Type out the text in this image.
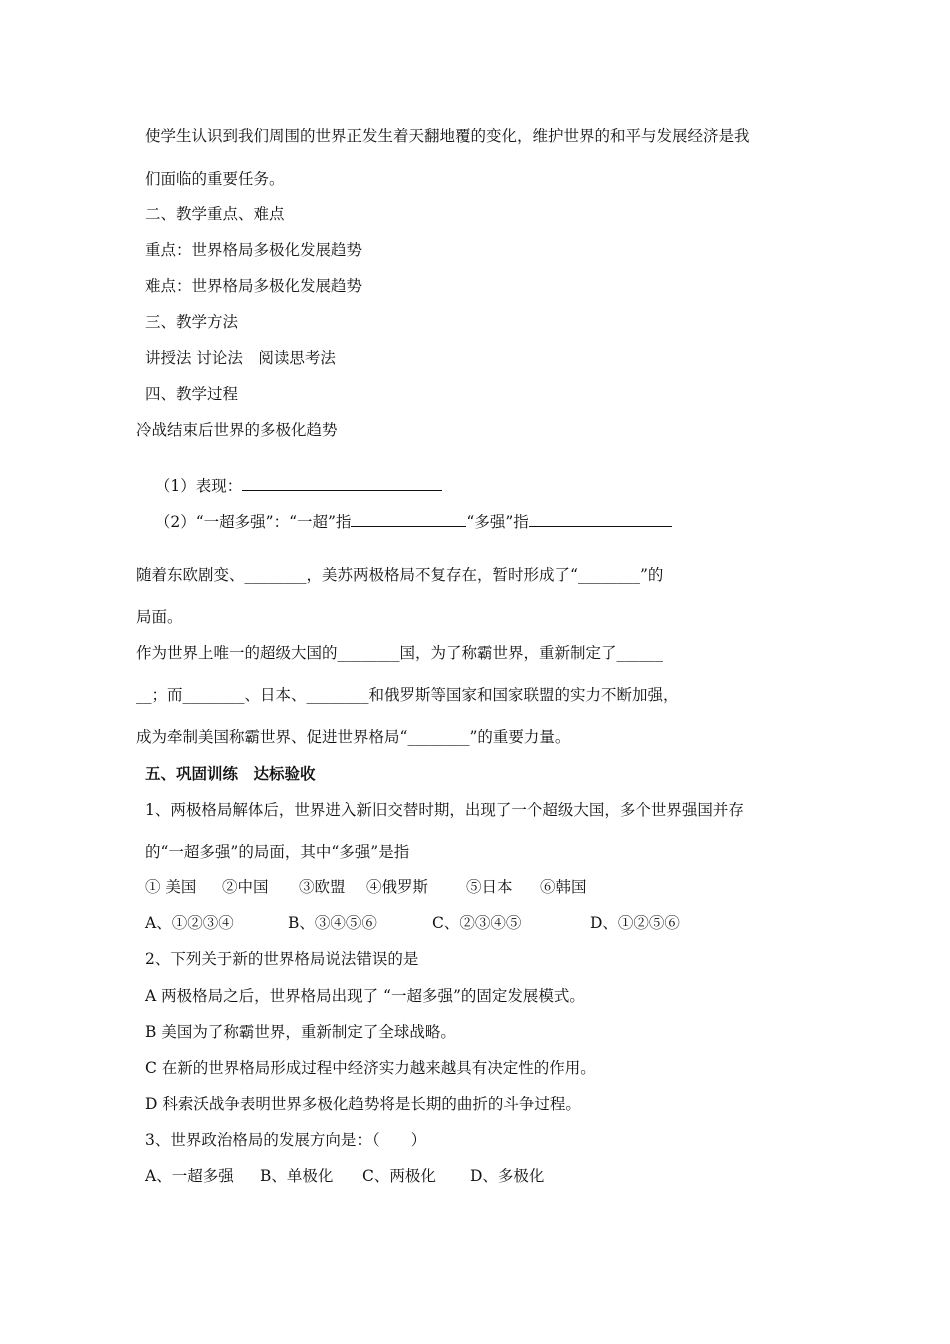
使学生认识到我们周围的世界正发生着天翻地覆的变化，维护世界的和平与发展经济是我
们面临的重要任务。
二、教学重点、难点
重点：世界格局多极化发展趋势
难点：世界格局多极化发展趋势
三、教学方法
讲授法 讨论法　阅读思考法
四、教学过程
冷战结束后世界的多极化趋势

（1）表现：

（2）“一超多强”：“一超”指	“多强”指

随着东欧剧变、________，美苏两极格局不复存在，暂时形成了“________”的
局面。
作为世界上唯一的超级大国的________国，为了称霸世界，重新制定了______
__；而________、日本、________和俄罗斯等国家和国家联盟的实力不断加强，
成为牵制美国称霸世界、促进世界格局“________”的重要力量。
五、巩固训练　达标验收
1、两极格局解体后，世界进入新旧交替时期，出现了一个超级大国，多个世界强国并存
的“一超多强”的局面，其中“多强”是指
① 美国 ②中国 ③欧盟 ④俄罗斯 ⑤日本 ⑥韩国
A、①②③④	B、③④⑤⑥	C、②③④⑤	D、①②⑤⑥
2、下列关于新的世界格局说法错误的是
A 两极格局之后，世界格局出现了 “一超多强”的固定发展模式。
B 美国为了称霸世界，重新制定了全球战略。
C 在新的世界格局形成过程中经济实力越来越具有决定性的作用。
D 科索沃战争表明世界多极化趋势将是长期的曲折的斗争过程。
3、世界政治格局的发展方向是：（　　）
A、一超多强 B、单极化 C、两极化 D、多极化
